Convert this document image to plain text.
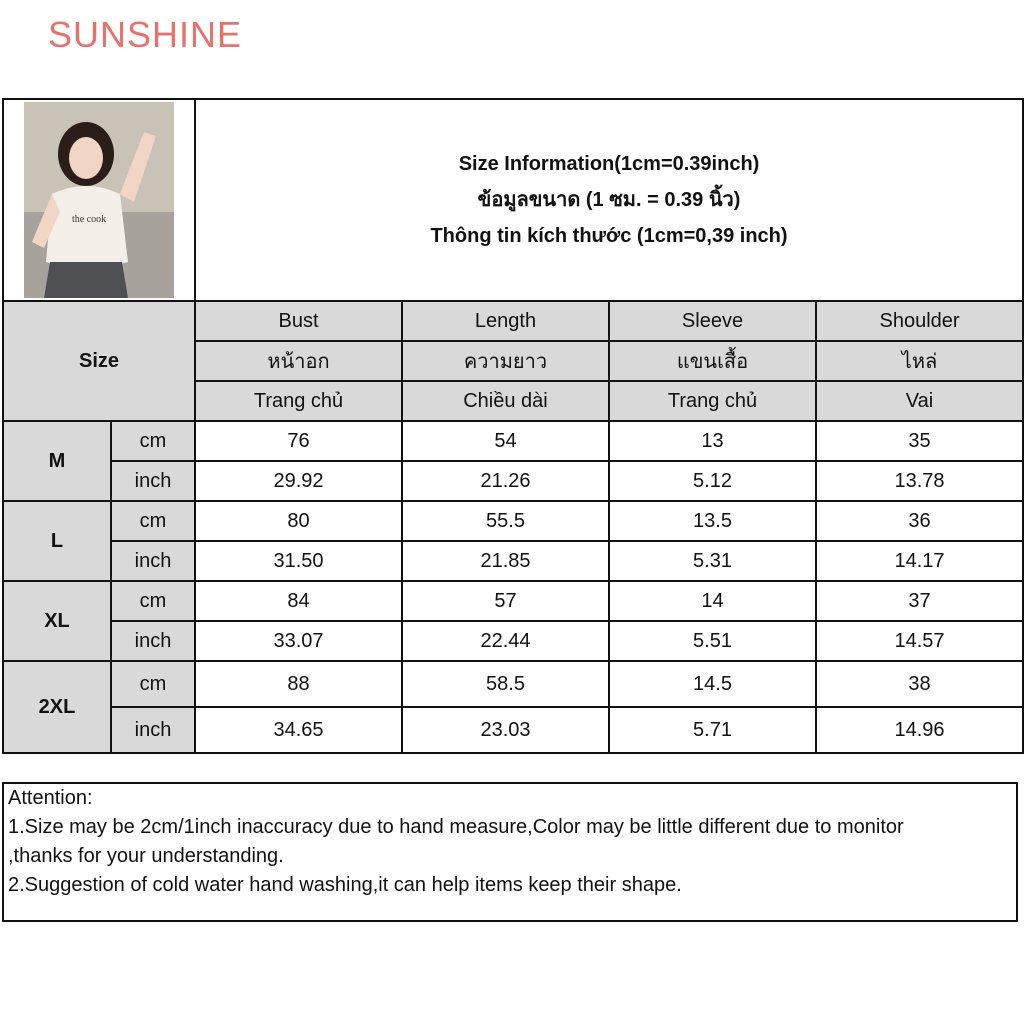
SUNSHINE
the cook		Size Information(1cm=0.39inch)
ข้อมูลขนาด (1 ซม. = 0.39 นิ้ว)
Thông tin kích thước (1cm=0,39 inch)			

Size		Bust	Length	Sleeve	Shoulder
		หน้าอก	ความยาว	แขนเสื้อ	ไหล่
		Trang chủ	Chiều dài	Trang chủ	Vai
M	cm	76	54	13	35
	inch	29.92	21.26	5.12	13.78
L	cm	80	55.5	13.5	36
	inch	31.50	21.85	5.31	14.17
XL	cm	84	57	14	37
	inch	33.07	22.44	5.51	14.57
2XL	cm	88	58.5	14.5	38
	inch	34.65	23.03	5.71	14.96
Attention:
1.Size may be 2cm/1inch inaccuracy due to hand measure,Color may be little different due to monitor
,thanks for your understanding.
2.Suggestion of cold water hand washing,it can help items keep their shape.
